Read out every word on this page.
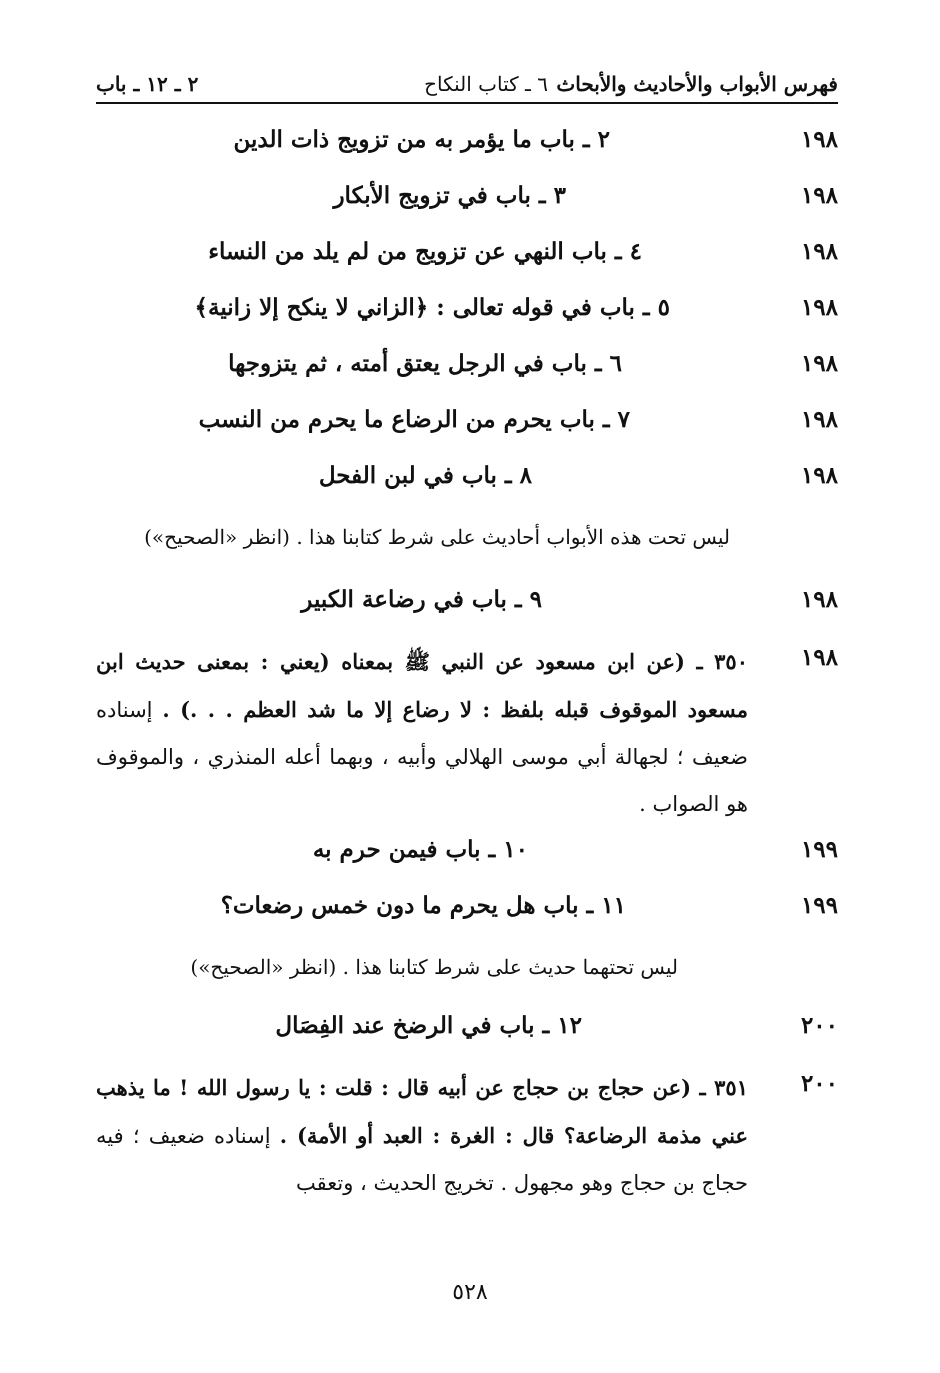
فهرس الأبواب والأحاديث والأبحاث
٦ ـ كتاب النكاح
٢ ـ ١٢ ـ باب
١٩٨
٢ ـ باب ما يؤمر به من تزويج ذات الدين
١٩٨
٣ ـ باب في تزويج الأبكار
١٩٨
٤ ـ باب النهي عن تزويج من لم يلد من النساء
١٩٨
٥ ـ باب في قوله تعالى : ﴿الزاني لا ينكح إلا زانية﴾
١٩٨
٦ ـ باب في الرجل يعتق أمته ، ثم يتزوجها
١٩٨
٧ ـ باب يحرم من الرضاع ما يحرم من النسب
١٩٨
٨ ـ باب في لبن الفحل
ليس تحت هذه الأبواب أحاديث على شرط كتابنا هذا . (انظر «الصحيح»)
١٩٨
٩ ـ باب في رضاعة الكبير
١٩٨
٣٥٠ ـ (عن ابن مسعود عن النبي ﷺ بمعناه (يعني : بمعنى حديث ابن مسعود الموقوف قبله بلفظ : لا رضاع إلا ما شد العظم . . .) . إسناده ضعيف ؛ لجهالة أبي موسى الهلالي وأبيه ، وبهما أعله المنذري ، والموقوف هو الصواب .
١٩٩
١٠ ـ باب فيمن حرم به
١٩٩
١١ ـ باب هل يحرم ما دون خمس رضعات؟
ليس تحتهما حديث على شرط كتابنا هذا . (انظر «الصحيح»)
٢٠٠
١٢ ـ باب في الرضخ عند الفِصَال
٢٠٠
٣٥١ ـ (عن حجاج بن حجاج عن أبيه قال : قلت : يا رسول الله ! ما يذهب عني مذمة الرضاعة؟ قال : الغرة : العبد أو الأمة) . إسناده ضعيف ؛ فيه حجاج بن حجاج وهو مجهول . تخريج الحديث ، وتعقب
٥٢٨
